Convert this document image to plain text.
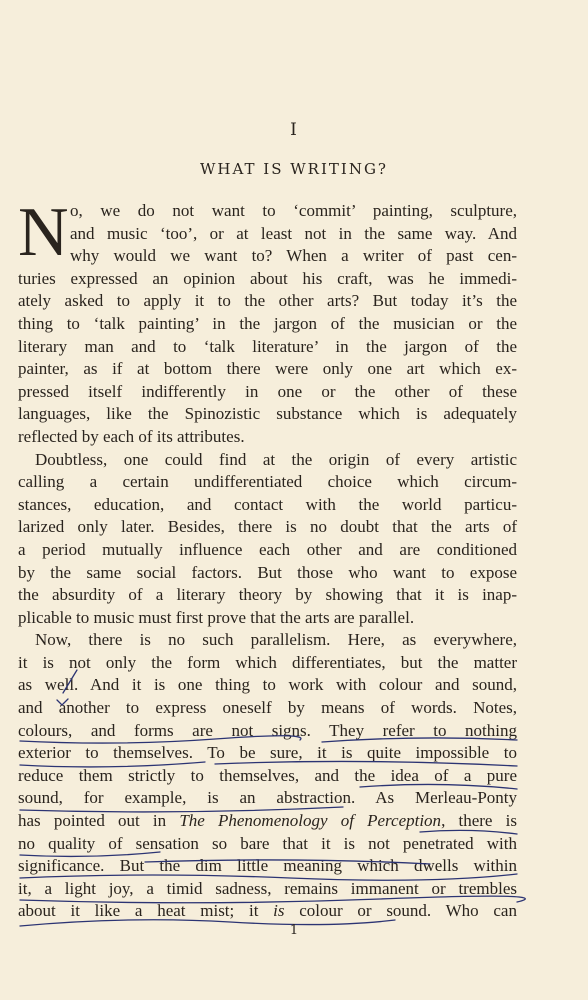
I
WHAT IS WRITING?
N o, we do not want to ‘commit’ painting, sculpture,
and music ‘too’, or at least not in the same way. And
why would we want to? When a writer of past cen-
turies expressed an opinion about his craft, was he immedi-
ately asked to apply it to the other arts? But today it’s the
thing to ‘talk painting’ in the jargon of the musician or the
literary man and to ‘talk literature’ in the jargon of the
painter, as if at bottom there were only one art which ex-
pressed itself indifferently in one or the other of these
languages, like the Spinozistic substance which is adequately
reflected by each of its attributes.
Doubtless, one could find at the origin of every artistic
calling a certain undifferentiated choice which circum-
stances, education, and contact with the world particu-
larized only later. Besides, there is no doubt that the arts of
a period mutually influence each other and are conditioned
by the same social factors. But those who want to expose
the absurdity of a literary theory by showing that it is inap-
plicable to music must first prove that the arts are parallel.
Now, there is no such parallelism. Here, as everywhere,
it is not only the form which differentiates, but the matter
as well. And it is one thing to work with colour and sound,
and another to express oneself by means of words. Notes,
colours, and forms are not signs. They refer to nothing
exterior to themselves. To be sure, it is quite impossible to
reduce them strictly to themselves, and the idea of a pure
sound, for example, is an abstraction. As Merleau-Ponty
has pointed out in The Phenomenology of Perception, there is
no quality of sensation so bare that it is not penetrated with
significance. But the dim little meaning which dwells within
it, a light joy, a timid sadness, remains immanent or trembles
about it like a heat mist; it is colour or sound. Who can
1
